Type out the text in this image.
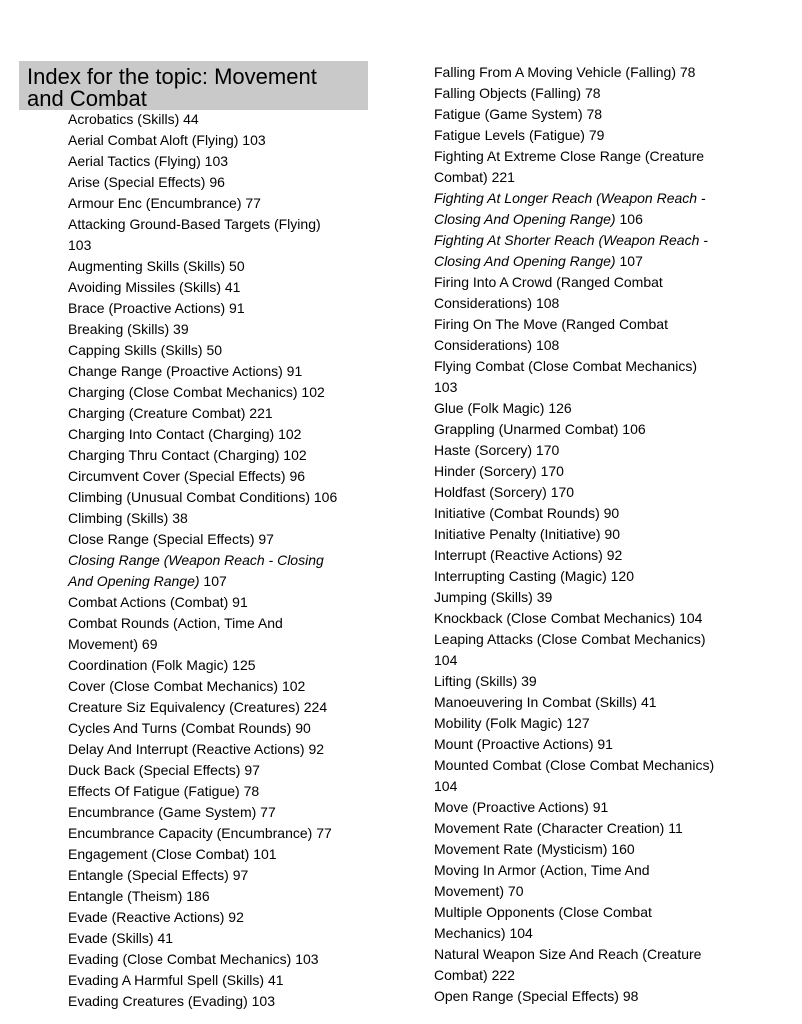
Index for the topic: Movement
and Combat
Acrobatics (Skills) 44
Aerial Combat Aloft (Flying) 103
Aerial Tactics (Flying) 103
Arise (Special Effects) 96
Armour Enc (Encumbrance) 77
Attacking Ground-Based Targets (Flying)
103
Augmenting Skills (Skills) 50
Avoiding Missiles (Skills) 41
Brace (Proactive Actions) 91
Breaking (Skills) 39
Capping Skills (Skills) 50
Change Range (Proactive Actions) 91
Charging (Close Combat Mechanics) 102
Charging (Creature Combat) 221
Charging Into Contact (Charging) 102
Charging Thru Contact (Charging) 102
Circumvent Cover (Special Effects) 96
Climbing (Unusual Combat Conditions) 106
Climbing (Skills) 38
Close Range (Special Effects) 97
Closing Range (Weapon Reach - Closing
And Opening Range) 107
Combat Actions (Combat) 91
Combat Rounds (Action, Time And
Movement) 69
Coordination (Folk Magic) 125
Cover (Close Combat Mechanics) 102
Creature Siz Equivalency (Creatures) 224
Cycles And Turns (Combat Rounds) 90
Delay And Interrupt (Reactive Actions) 92
Duck Back (Special Effects) 97
Effects Of Fatigue (Fatigue) 78
Encumbrance (Game System) 77
Encumbrance Capacity (Encumbrance) 77
Engagement (Close Combat) 101
Entangle (Special Effects) 97
Entangle (Theism) 186
Evade (Reactive Actions) 92
Evade (Skills) 41
Evading (Close Combat Mechanics) 103
Evading A Harmful Spell (Skills) 41
Evading Creatures (Evading) 103
Falling From A Moving Vehicle (Falling) 78
Falling Objects (Falling) 78
Fatigue (Game System) 78
Fatigue Levels (Fatigue) 79
Fighting At Extreme Close Range (Creature
Combat) 221
Fighting At Longer Reach (Weapon Reach -
Closing And Opening Range) 106
Fighting At Shorter Reach (Weapon Reach -
Closing And Opening Range) 107
Firing Into A Crowd (Ranged Combat
Considerations) 108
Firing On The Move (Ranged Combat
Considerations) 108
Flying Combat (Close Combat Mechanics)
103
Glue (Folk Magic) 126
Grappling (Unarmed Combat) 106
Haste (Sorcery) 170
Hinder (Sorcery) 170
Holdfast (Sorcery) 170
Initiative (Combat Rounds) 90
Initiative Penalty (Initiative) 90
Interrupt (Reactive Actions) 92
Interrupting Casting (Magic) 120
Jumping (Skills) 39
Knockback (Close Combat Mechanics) 104
Leaping Attacks (Close Combat Mechanics)
104
Lifting (Skills) 39
Manoeuvering In Combat (Skills) 41
Mobility (Folk Magic) 127
Mount (Proactive Actions) 91
Mounted Combat (Close Combat Mechanics)
104
Move (Proactive Actions) 91
Movement Rate (Character Creation) 11
Movement Rate (Mysticism) 160
Moving In Armor (Action, Time And
Movement) 70
Multiple Opponents (Close Combat
Mechanics) 104
Natural Weapon Size And Reach (Creature
Combat) 222
Open Range (Special Effects) 98
